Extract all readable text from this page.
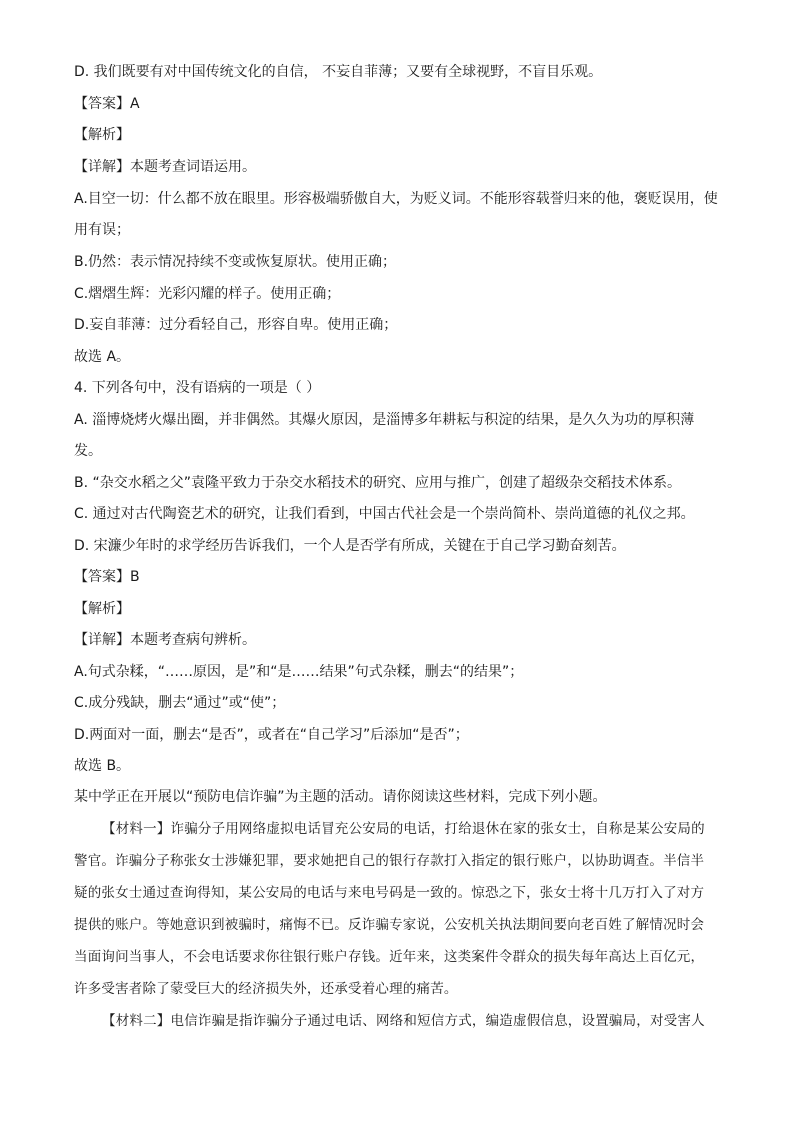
D. 我们既要有对中国传统文化的自信， 不妄自菲薄；又要有全球视野，不盲目乐观。
【答案】A
【解析】
【详解】本题考查词语运用。
A.目空一切：什么都不放在眼里。形容极端骄傲自大，为贬义词。不能形容载誉归来的他，褒贬误用，使
用有误；
B.仍然：表示情况持续不变或恢复原状。使用正确；
C.熠熠生辉：光彩闪耀的样子。使用正确；
D.妄自菲薄：过分看轻自己，形容自卑。使用正确；
故选 A。
4. 下列各句中，没有语病的一项是（ ）
A. 淄博烧烤火爆出圈，并非偶然。其爆火原因，是淄博多年耕耘与积淀的结果，是久久为功的厚积薄
发。
B. “杂交水稻之父”袁隆平致力于杂交水稻技术的研究、应用与推广，创建了超级杂交稻技术体系。
C. 通过对古代陶瓷艺术的研究，让我们看到，中国古代社会是一个崇尚简朴、崇尚道德的礼仪之邦。
D. 宋濂少年时的求学经历告诉我们，一个人是否学有所成，关键在于自己学习勤奋刻苦。
【答案】B
【解析】
【详解】本题考查病句辨析。
A.句式杂糅，“……原因，是”和“是……结果”句式杂糅，删去“的结果”；
C.成分残缺，删去“通过”或“使”；
D.两面对一面，删去“是否”，或者在“自己学习”后添加“是否”；
故选 B。
某中学正在开展以“预防电信诈骗”为主题的活动。请你阅读这些材料，完成下列小题。
【材料一】诈骗分子用网络虚拟电话冒充公安局的电话，打给退休在家的张女士，自称是某公安局的
警官。诈骗分子称张女士涉嫌犯罪，要求她把自己的银行存款打入指定的银行账户，以协助调查。半信半
疑的张女士通过查询得知，某公安局的电话与来电号码是一致的。惊恐之下，张女士将十几万打入了对方
提供的账户。等她意识到被骗时，痛悔不已。反诈骗专家说，公安机关执法期间要向老百姓了解情况时会
当面询问当事人，不会电话要求你往银行账户存钱。近年来，这类案件令群众的损失每年高达上百亿元，
许多受害者除了蒙受巨大的经济损失外，还承受着心理的痛苦。
【材料二】电信诈骗是指诈骗分子通过电话、网络和短信方式，编造虚假信息，设置骗局，对受害人
